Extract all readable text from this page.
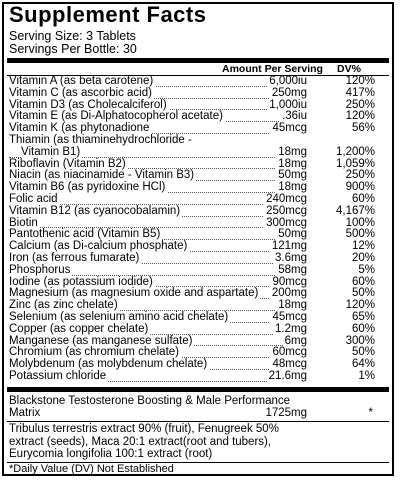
Supplement Facts
Serving Size: 3 Tablets
Servings Per Bottle: 30
Amount Per Serving DV%
Vitamin A (as beta carotene)	6,000iu	120%
Vitamin C (as ascorbic acid)	250mg	417%
Vitamin D3 (as Cholecalciferol)	1,000iu	250%
Vitamin E (as Di-Alphatocopherol acetate)	.36iu	120%
Vitamin K (as phytonadione	45mcg	56%
Thiamin (as thiaminehydrochloride -
Vitamin B1)	18mg	1,200%
Riboflavin (Vitamin B2)	18mg	1,059%
Niacin (as niacinamide - Vitamin B3)	50mg	250%
Vitamin B6 (as pyridoxine HCl)	18mg	900%
Folic acid	240mcg	60%
Vitamin B12 (as cyanocobalamin)	250mcg	4,167%
Biotin	300mcg	100%
Pantothenic acid (Vitamin B5)	50mg	500%
Calcium (as Di-calcium phosphate)	121mg	12%
Iron (as ferrous fumarate)	3.6mg	20%
Phosphorus	58mg	5%
Iodine (as potassium iodide)	90mcg	60%
Magnesium (as magnesium oxide and aspartate) 200mg	50%
Zinc (as zinc chelate)	18mg	120%
Selenium (as selenium amino acid chelate)	45mcg	65%
Copper (as copper chelate)	1.2mg	60%
Manganese (as manganese sulfate)	6mg	300%
Chromium (as chromium chelate)	60mcg	50%
Molybdenum (as molybdenum chelate)	48mcg	64%
Potassium chloride	21.6mg	1%
Blackstone Testosterone Boosting & Male Performance
Matrix	1725mg	*
Tribulus terrestris extract 90% (fruit), Fenugreek 50%
extract (seeds), Maca 20:1 extract(root and tubers),
Eurycomia longifolia 100:1 extract (root)
*Daily Value (DV) Not Established
